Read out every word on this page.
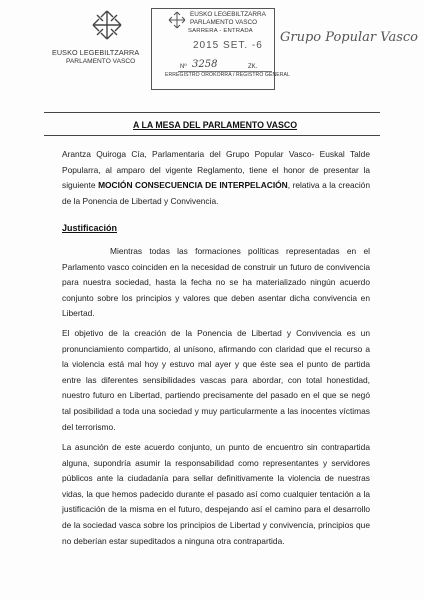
EUSKO LEGEBILTZARRA
PARLAMENTO VASCO
EUSKO LEGEBILTZARRA
PARLAMENTO VASCO
SARRERA - ENTRADA
2015 SET. -6
Nº 3258	ZK.
ERREGISTRO OROKORRA / REGISTRO GENERAL
Grupo Popular Vasco
A LA MESA DEL PARLAMENTO VASCO
Arantza Quiroga Cía, Parlamentaria del Grupo Popular Vasco- Euskal Talde Popularra, al amparo del vigente Reglamento, tiene el honor de presentar la siguiente MOCIÓN CONSECUENCIA DE INTERPELACIÓN, relativa a la creación de la Ponencia de Libertad y Convivencia.
Justificación
Mientras todas las formaciones políticas representadas en el Parlamento vasco coinciden en la necesidad de construir un futuro de convivencia para nuestra sociedad, hasta la fecha no se ha materializado ningún acuerdo conjunto sobre los principios y valores que deben asentar dicha convivencia en Libertad.
El objetivo de la creación de la Ponencia de Libertad y Convivencia es un pronunciamiento compartido, al unísono, afirmando con claridad que el recurso a la violencia está mal hoy y estuvo mal ayer y que éste sea el punto de partida entre las diferentes sensibilidades vascas para abordar, con total honestidad, nuestro futuro en Libertad, partiendo precisamente del pasado en el que se negó tal posibilidad a toda una sociedad y muy particularmente a las inocentes víctimas del terrorismo.
La asunción de este acuerdo conjunto, un punto de encuentro sin contrapartida alguna, supondría asumir la responsabilidad como representantes y servidores públicos ante la ciudadanía para sellar definitivamente la violencia de nuestras vidas, la que hemos padecido durante el pasado así como cualquier tentación a la justificación de la misma en el futuro, despejando así el camino para el desarrollo de la sociedad vasca sobre los principios de Libertad y convivencia, principios que no deberían estar supeditados a ninguna otra contrapartida.
